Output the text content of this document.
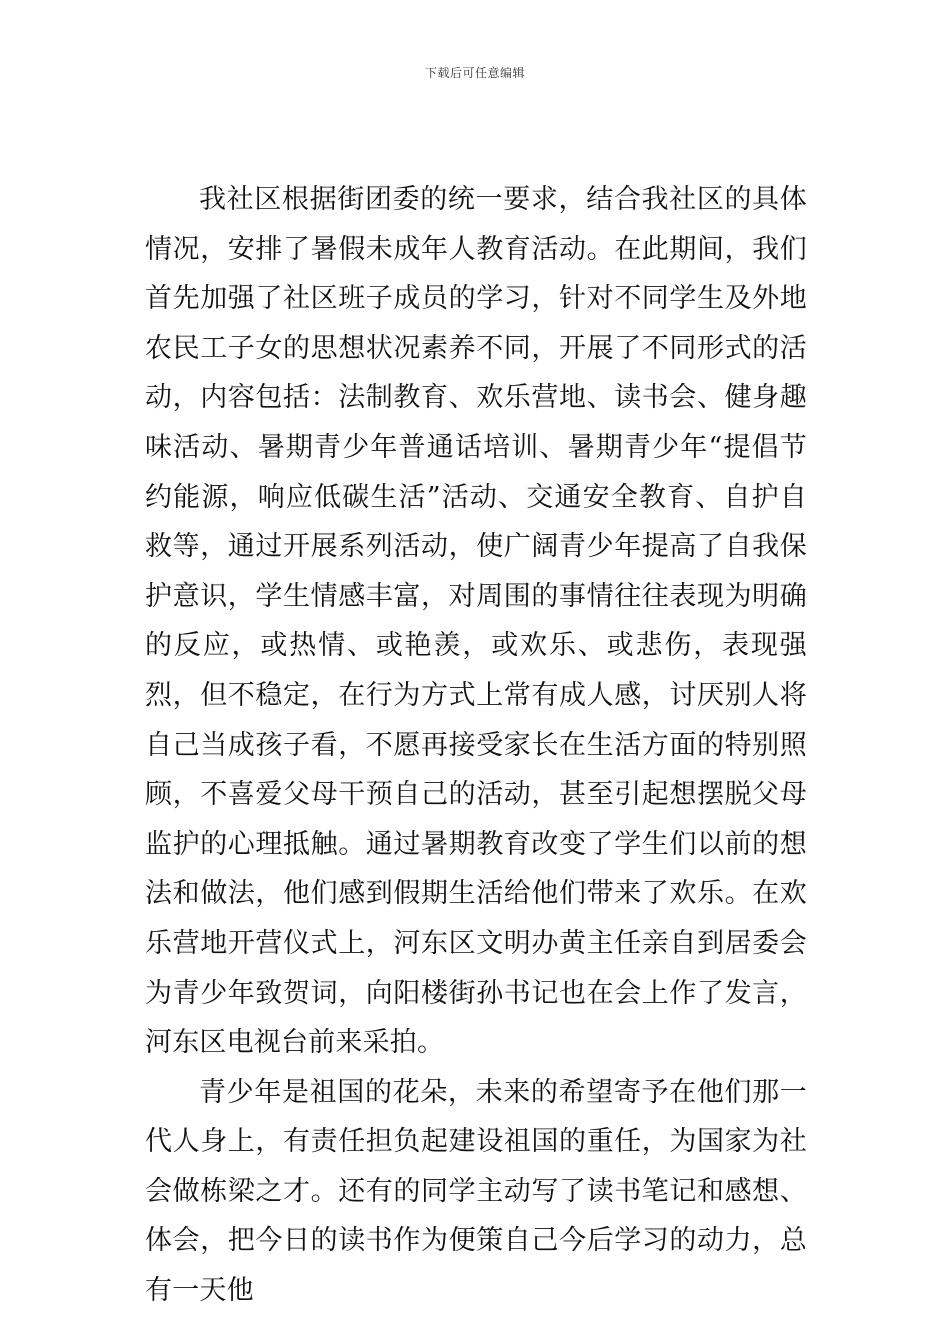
下载后可任意编辑

我社区根据街团委的统一要求，结合我社区的具体情况，安排了暑假未成年人教育活动。在此期间，我们首先加强了社区班子成员的学习，针对不同学生及外地农民工子女的思想状况素养不同，开展了不同形式的活动，内容包括：法制教育、欢乐营地、读书会、健身趣味活动、暑期青少年普通话培训、暑期青少年“提倡节约能源，响应低碳生活”活动、交通安全教育、自护自救等，通过开展系列活动，使广阔青少年提高了自我保护意识，学生情感丰富，对周围的事情往往表现为明确的反应，或热情、或艳羡，或欢乐、或悲伤，表现强烈，但不稳定，在行为方式上常有成人感，讨厌别人将自己当成孩子看，不愿再接受家长在生活方面的特别照顾，不喜爱父母干预自己的活动，甚至引起想摆脱父母监护的心理抵触。通过暑期教育改变了学生们以前的想法和做法，他们感到假期生活给他们带来了欢乐。在欢乐营地开营仪式上，河东区文明办黄主任亲自到居委会为青少年致贺词，向阳楼街孙书记也在会上作了发言，河东区电视台前来采拍。

青少年是祖国的花朵，未来的希望寄予在他们那一代人身上，有责任担负起建设祖国的重任，为国家为社会做栋梁之才。还有的同学主动写了读书笔记和感想、体会，把今日的读书作为便策自己今后学习的动力，总有一天他
